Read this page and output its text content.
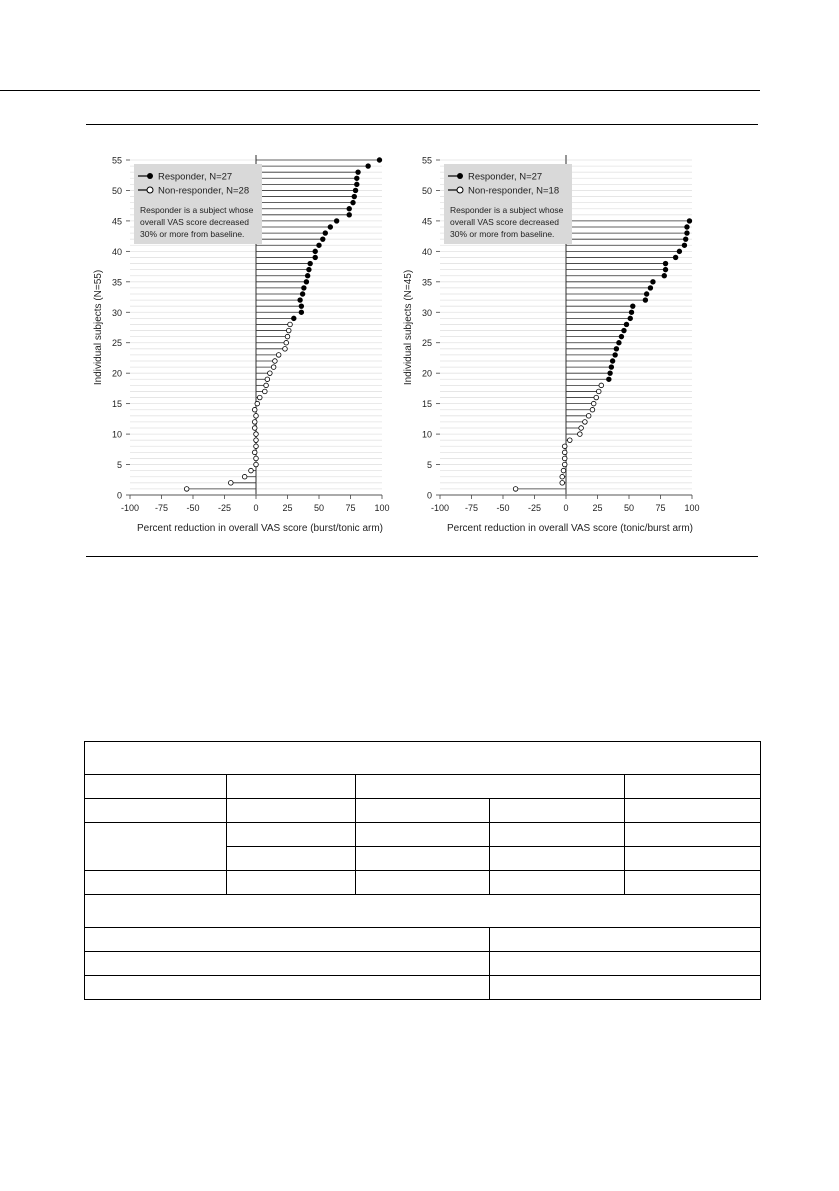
0
5
10
15
20
25
30
35
40
45
50
55
-100 -75 -50 -25 0	25 50 75 100
Responder, N=27
Non-responder, N=28
Responder is a subject whose
overall VAS score decreased
30% or more from baseline.
Percent reduction in overall VAS score (burst/tonic arm)
Individual subjects (N=55)
0
5
10
15
20
25
30
35
40
45
50
55
-100 -75 -50 -25 0	25 50 75 100
Responder, N=27
Non-responder, N=18
Responder is a subject whose
overall VAS score decreased
30% or more from baseline.
Percent reduction in overall VAS score (tonic/burst arm)
Individual subjects (N=45)
